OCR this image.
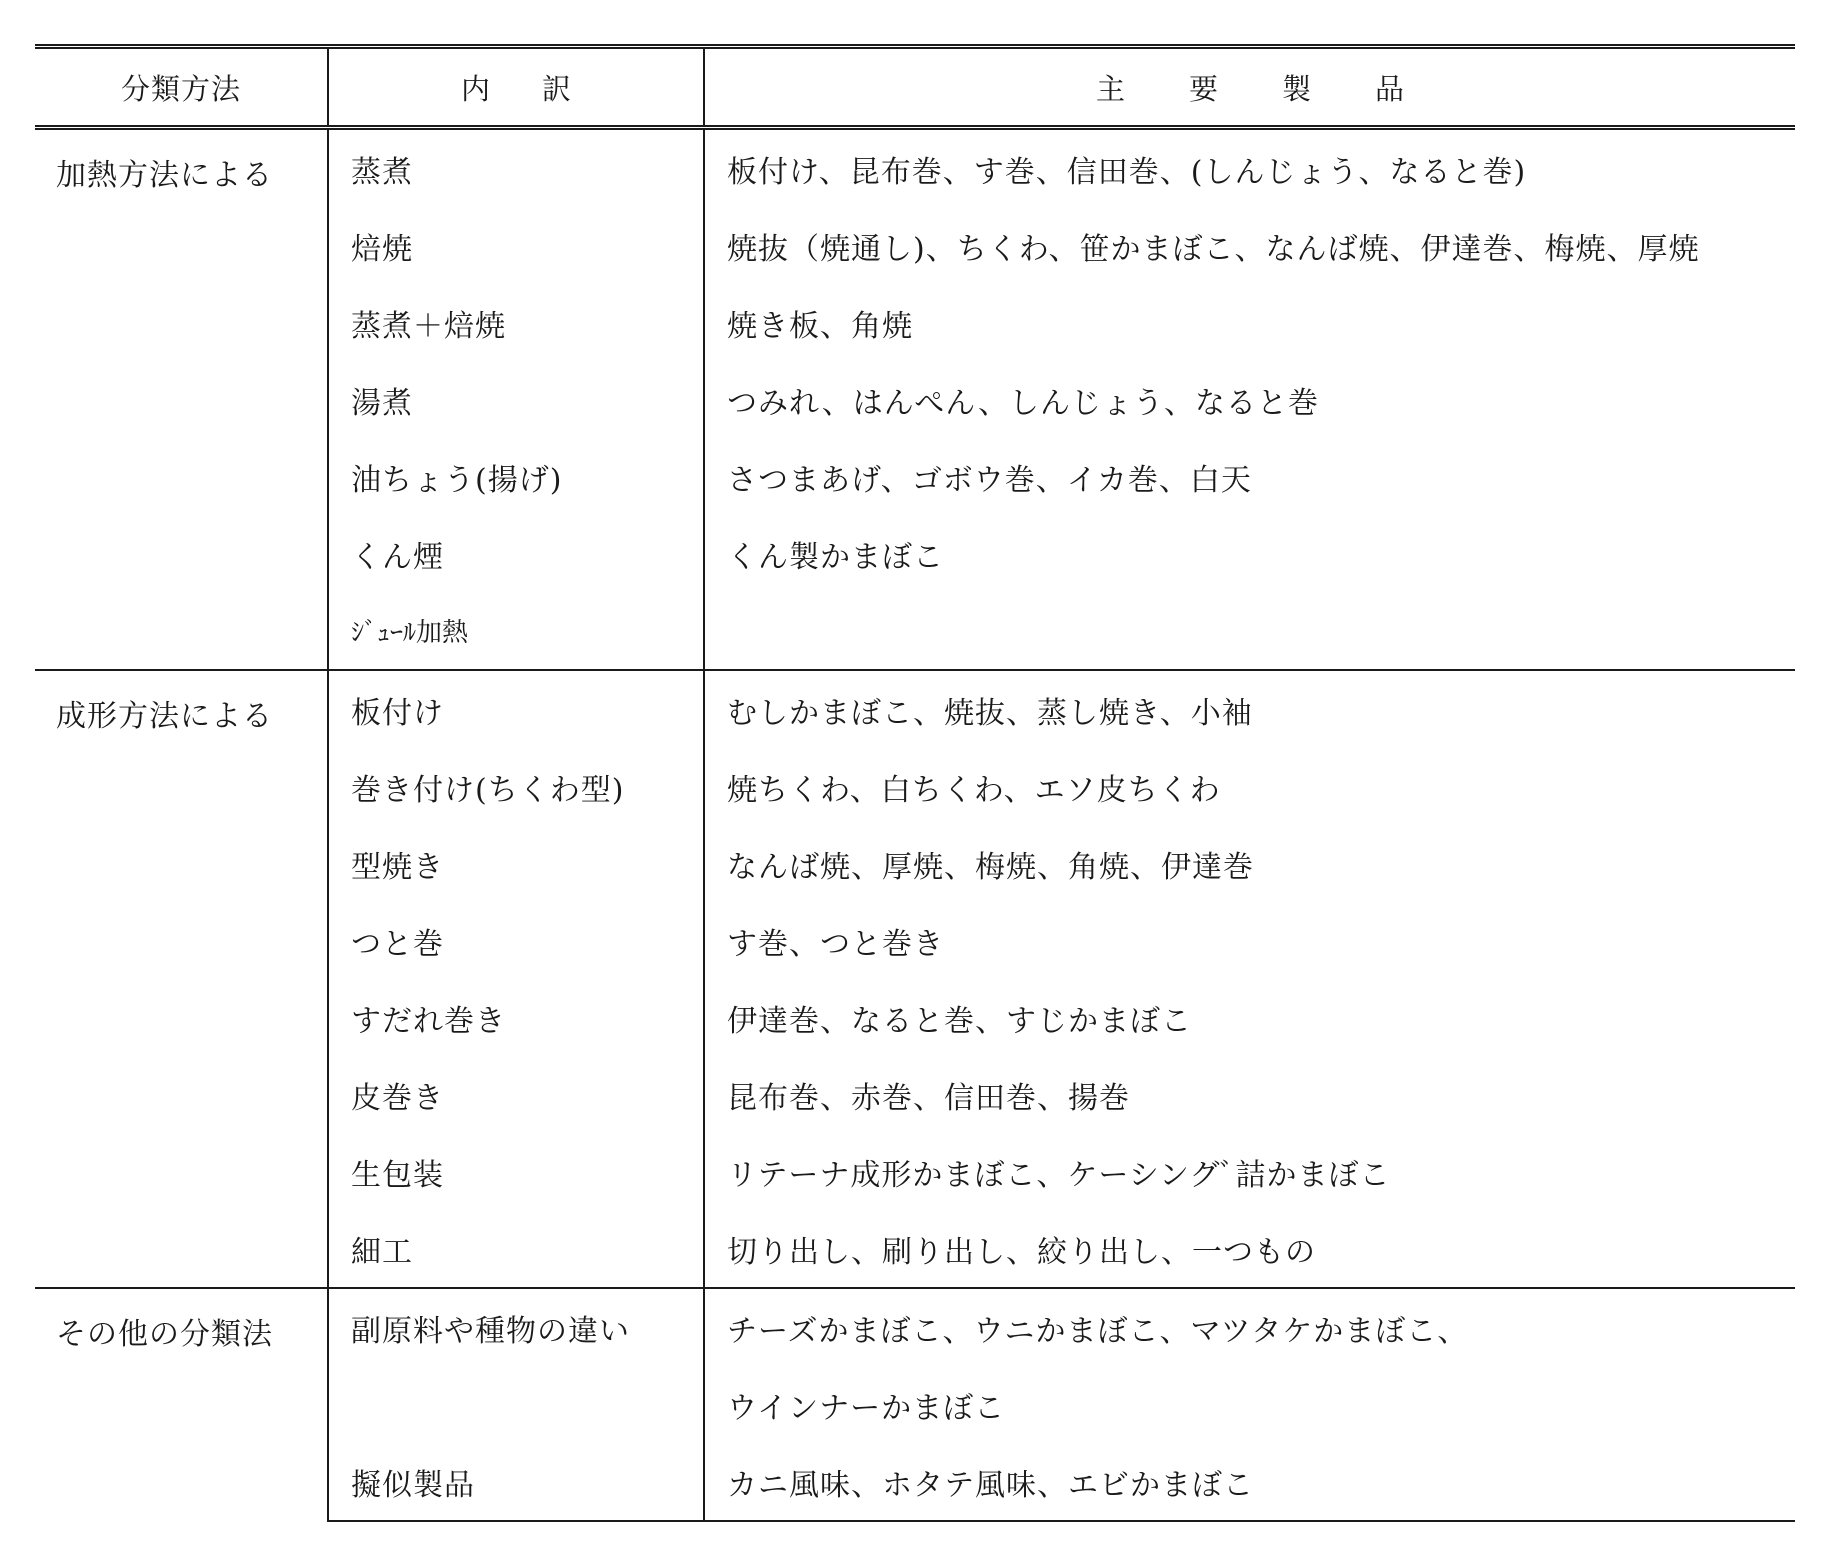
分類方法	内訳	主要製品
加熱方法による	蒸煮	板付け、昆布巻、す巻、信田巻、(しんじょう、なると巻)
	焙焼	焼抜（焼通し)、ちくわ、笹かまぼこ、なんば焼、伊達巻、梅焼、厚焼
	蒸煮＋焙焼	焼き板、角焼
	湯煮	つみれ、はんぺん、しんじょう、なると巻
	油ちょう(揚げ)	さつまあげ、ゴボウ巻、イカ巻、白天
	くん煙	くん製かまぼこ
	ｼﾞｭｰﾙ加熱	
成形方法による	板付け	むしかまぼこ、焼抜、蒸し焼き、小袖
	巻き付け(ちくわ型)	焼ちくわ、白ちくわ、エソ皮ちくわ
	型焼き	なんば焼、厚焼、梅焼、角焼、伊達巻
	つと巻	す巻、つと巻き
	すだれ巻き	伊達巻、なると巻、すじかまぼこ
	皮巻き	昆布巻、赤巻、信田巻、揚巻
	生包装	リテーナ成形かまぼこ、ケーシングﾞ詰かまぼこ
	細工	切り出し、刷り出し、絞り出し、一つもの
その他の分類法	副原料や種物の違い	チーズかまぼこ、ウニかまぼこ、マツタケかまぼこ、
		ウインナーかまぼこ
	擬似製品	カニ風味、ホタテ風味、エビかまぼこ
